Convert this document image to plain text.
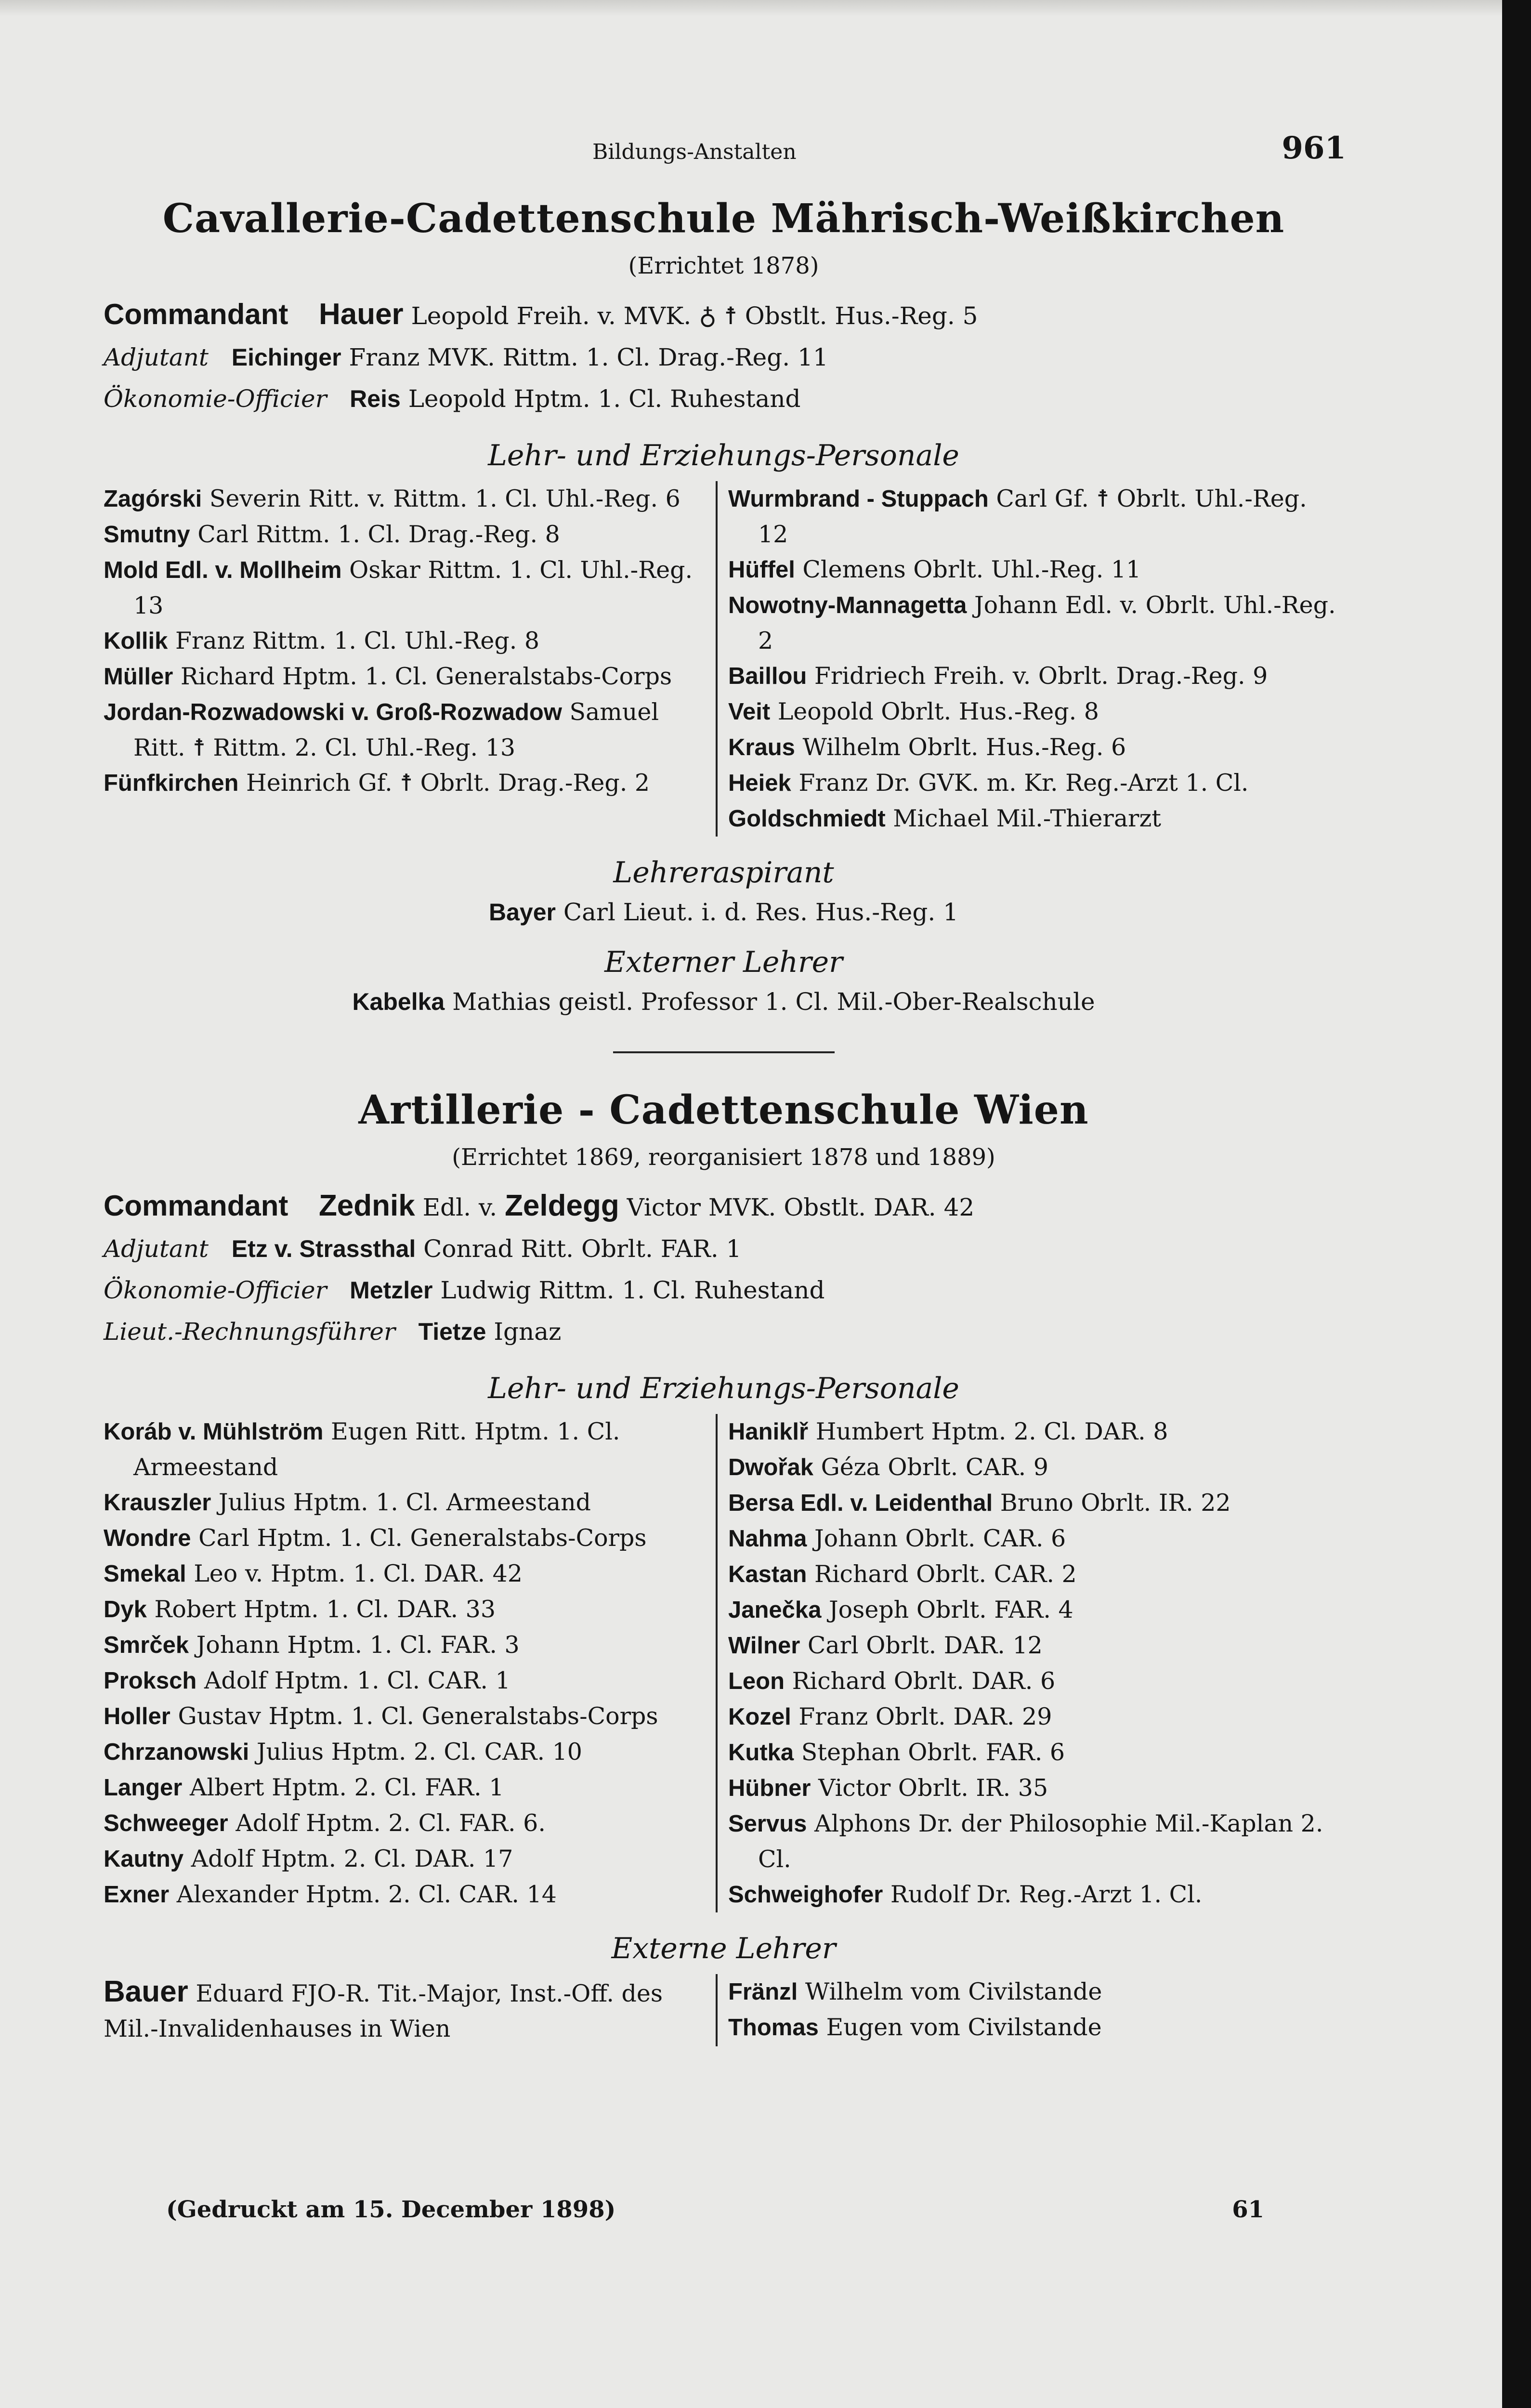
Bildungs-Anstalten	961
Cavallerie-Cadettenschule Mährisch-Weißkirchen
(Errichtet 1878)
Commandant Hauer Leopold Freih. v. MVK. ♁ ☨ Obstlt. Hus.-Reg. 5
Adjutant Eichinger Franz MVK. Rittm. 1. Cl. Drag.-Reg. 11
Ökonomie-Officier Reis Leopold Hptm. 1. Cl. Ruhestand
Lehr- und Erziehungs-Personale
Zagórski Severin Ritt. v. Rittm. 1. Cl. Uhl.-Reg. 6
Smutny Carl Rittm. 1. Cl. Drag.-Reg. 8
Mold Edl. v. Mollheim Oskar Rittm. 1. Cl. Uhl.-Reg. 13
Kollik Franz Rittm. 1. Cl. Uhl.-Reg. 8
Müller Richard Hptm. 1. Cl. Generalstabs-Corps
Jordan-Rozwadowski v. Groß-Rozwadow Samuel Ritt. ☨ Rittm. 2. Cl. Uhl.-Reg. 13
Fünfkirchen Heinrich Gf. ☨ Obrlt. Drag.-Reg. 2
Wurmbrand - Stuppach Carl Gf. ☨ Obrlt. Uhl.-Reg. 12
Hüffel Clemens Obrlt. Uhl.-Reg. 11
Nowotny-Mannagetta Johann Edl. v. Obrlt. Uhl.-Reg. 2
Baillou Fridriech Freih. v. Obrlt. Drag.-Reg. 9
Veit Leopold Obrlt. Hus.-Reg. 8
Kraus Wilhelm Obrlt. Hus.-Reg. 6
Heiek Franz Dr. GVK. m. Kr. Reg.-Arzt 1. Cl.
Goldschmiedt Michael Mil.-Thierarzt
Lehreraspirant
Bayer Carl Lieut. i. d. Res. Hus.-Reg. 1
Externer Lehrer
Kabelka Mathias geistl. Professor 1. Cl. Mil.-Ober-Realschule
Artillerie - Cadettenschule Wien
(Errichtet 1869, reorganisiert 1878 und 1889)
Commandant Zednik Edl. v. Zeldegg Victor MVK. Obstlt. DAR. 42
Adjutant Etz v. Strassthal Conrad Ritt. Obrlt. FAR. 1
Ökonomie-Officier Metzler Ludwig Rittm. 1. Cl. Ruhestand
Lieut.-Rechnungsführer Tietze Ignaz
Lehr- und Erziehungs-Personale
Koráb v. Mühlström Eugen Ritt. Hptm. 1. Cl. Armeestand
Krauszler Julius Hptm. 1. Cl. Armeestand
Wondre Carl Hptm. 1. Cl. Generalstabs-Corps
Smekal Leo v. Hptm. 1. Cl. DAR. 42
Dyk Robert Hptm. 1. Cl. DAR. 33
Smrček Johann Hptm. 1. Cl. FAR. 3
Proksch Adolf Hptm. 1. Cl. CAR. 1
Holler Gustav Hptm. 1. Cl. Generalstabs-Corps
Chrzanowski Julius Hptm. 2. Cl. CAR. 10
Langer Albert Hptm. 2. Cl. FAR. 1
Schweeger Adolf Hptm. 2. Cl. FAR. 6.
Kautny Adolf Hptm. 2. Cl. DAR. 17
Exner Alexander Hptm. 2. Cl. CAR. 14
Haniklř Humbert Hptm. 2. Cl. DAR. 8
Dwořak Géza Obrlt. CAR. 9
Bersa Edl. v. Leidenthal Bruno Obrlt. IR. 22
Nahma Johann Obrlt. CAR. 6
Kastan Richard Obrlt. CAR. 2
Janečka Joseph Obrlt. FAR. 4
Wilner Carl Obrlt. DAR. 12
Leon Richard Obrlt. DAR. 6
Kozel Franz Obrlt. DAR. 29
Kutka Stephan Obrlt. FAR. 6
Hübner Victor Obrlt. IR. 35
Servus Alphons Dr. der Philosophie Mil.-Kaplan 2. Cl.
Schweighofer Rudolf Dr. Reg.-Arzt 1. Cl.
Externe Lehrer
Bauer Eduard FJO-R. Tit.-Major, Inst.-Off. des Mil.-Invalidenhauses in Wien
Fränzl Wilhelm vom Civilstande
Thomas Eugen vom Civilstande
(Gedruckt am 15. December 1898)	61
